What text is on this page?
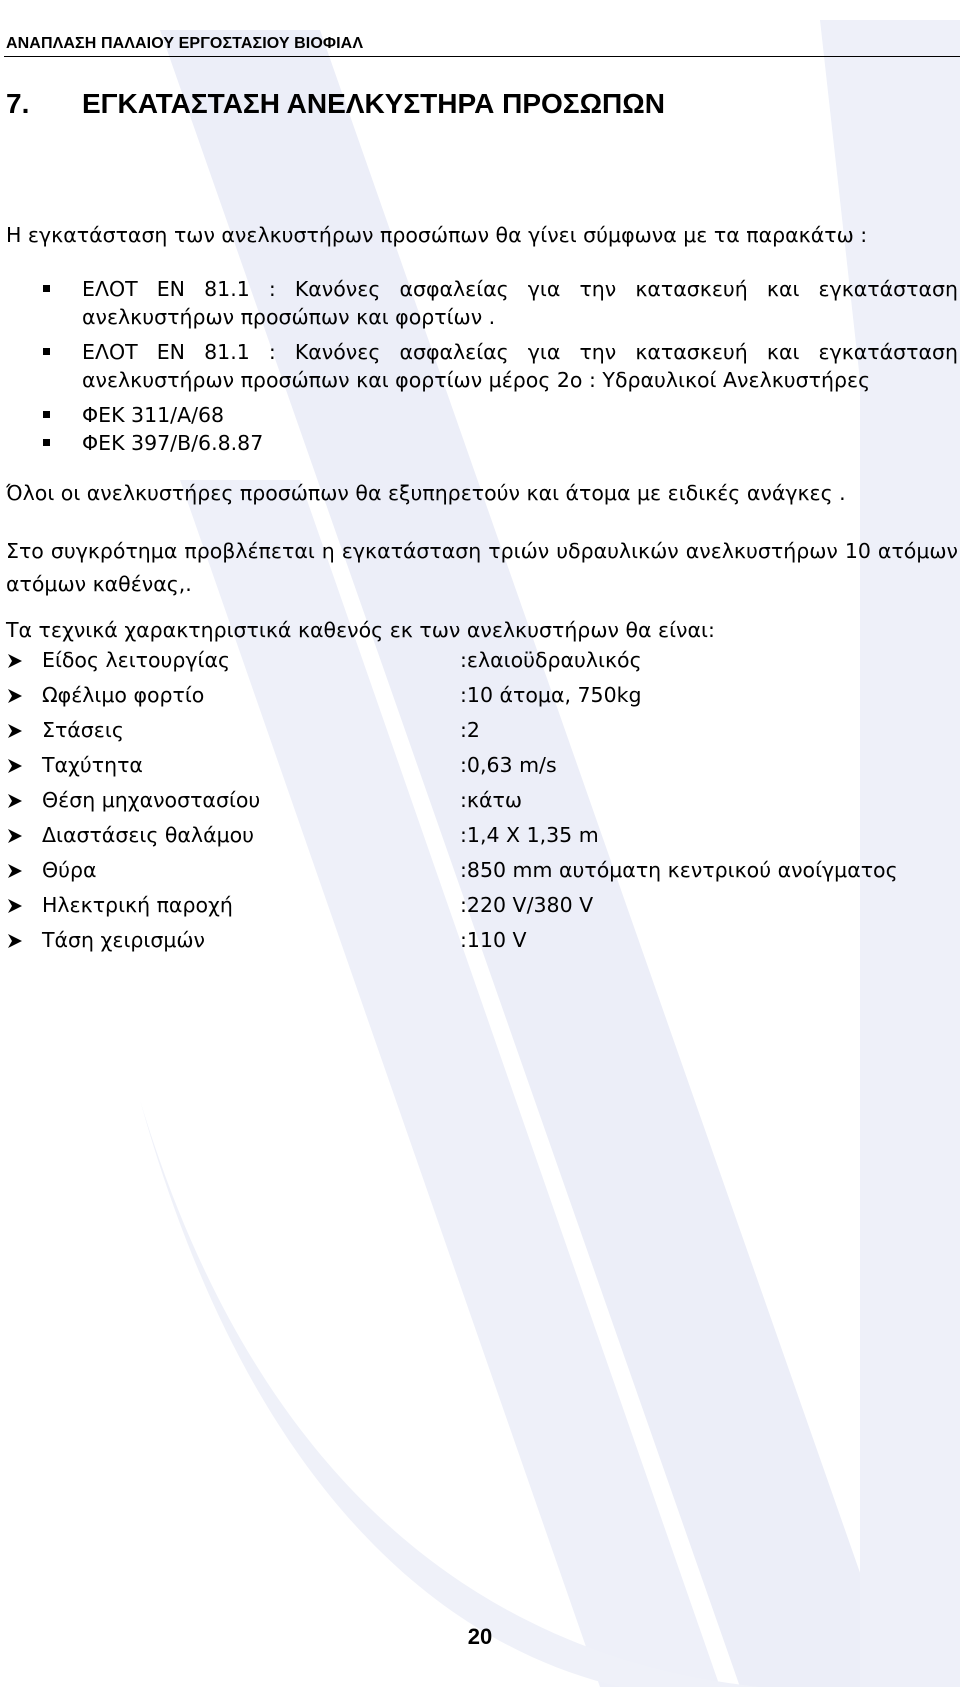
ΑΝΑΠΛΑΣΗ ΠΑΛΑΙΟΥ ΕΡΓΟΣΤΑΣΙΟΥ ΒΙΟΦΙΑΛ
7.	ΕΓΚΑΤΑΣΤΑΣΗ ΑΝΕΛΚΥΣΤΗΡΑ ΠΡΟΣΩΠΩΝ
Η εγκατάσταση των ανελκυστήρων προσώπων θα γίνει σύμφωνα με τα παρακάτω :
ΕΛΟΤ ΕΝ 81.1 : Κανόνες ασφαλείας για την κατασκευή και εγκατάσταση ανελκυστήρων προσώπων και φορτίων .
ΕΛΟΤ ΕΝ 81.1 : Κανόνες ασφαλείας για την κατασκευή και εγκατάσταση ανελκυστήρων προσώπων και φορτίων μέρος 2ο : Υδραυλικοί Ανελκυστήρες
ΦΕΚ 311/Α/68
ΦΕΚ 397/Β/6.8.87
Όλοι οι ανελκυστήρες προσώπων θα εξυπηρετούν και άτομα με ειδικές ανάγκες .
Στο συγκρότημα προβλέπεται η εγκατάσταση τριών υδραυλικών ανελκυστήρων 10 ατόμων ατόμων καθένας,.
Τα τεχνικά χαρακτηριστικά καθενός εκ των ανελκυστήρων θα είναι:
Είδος λειτουργίας	:ελαιοϋδραυλικός
Ωφέλιμο φορτίο	:10 άτομα, 750kg
Στάσεις	:2
Ταχύτητα	:0,63 m/s
Θέση μηχανοστασίου	:κάτω
Διαστάσεις θαλάμου	:1,4 Χ 1,35 m
Θύρα	:850 mm αυτόματη κεντρικού ανοίγματος
Ηλεκτρική παροχή	:220 V/380 V
Τάση χειρισμών	:110 V
20
